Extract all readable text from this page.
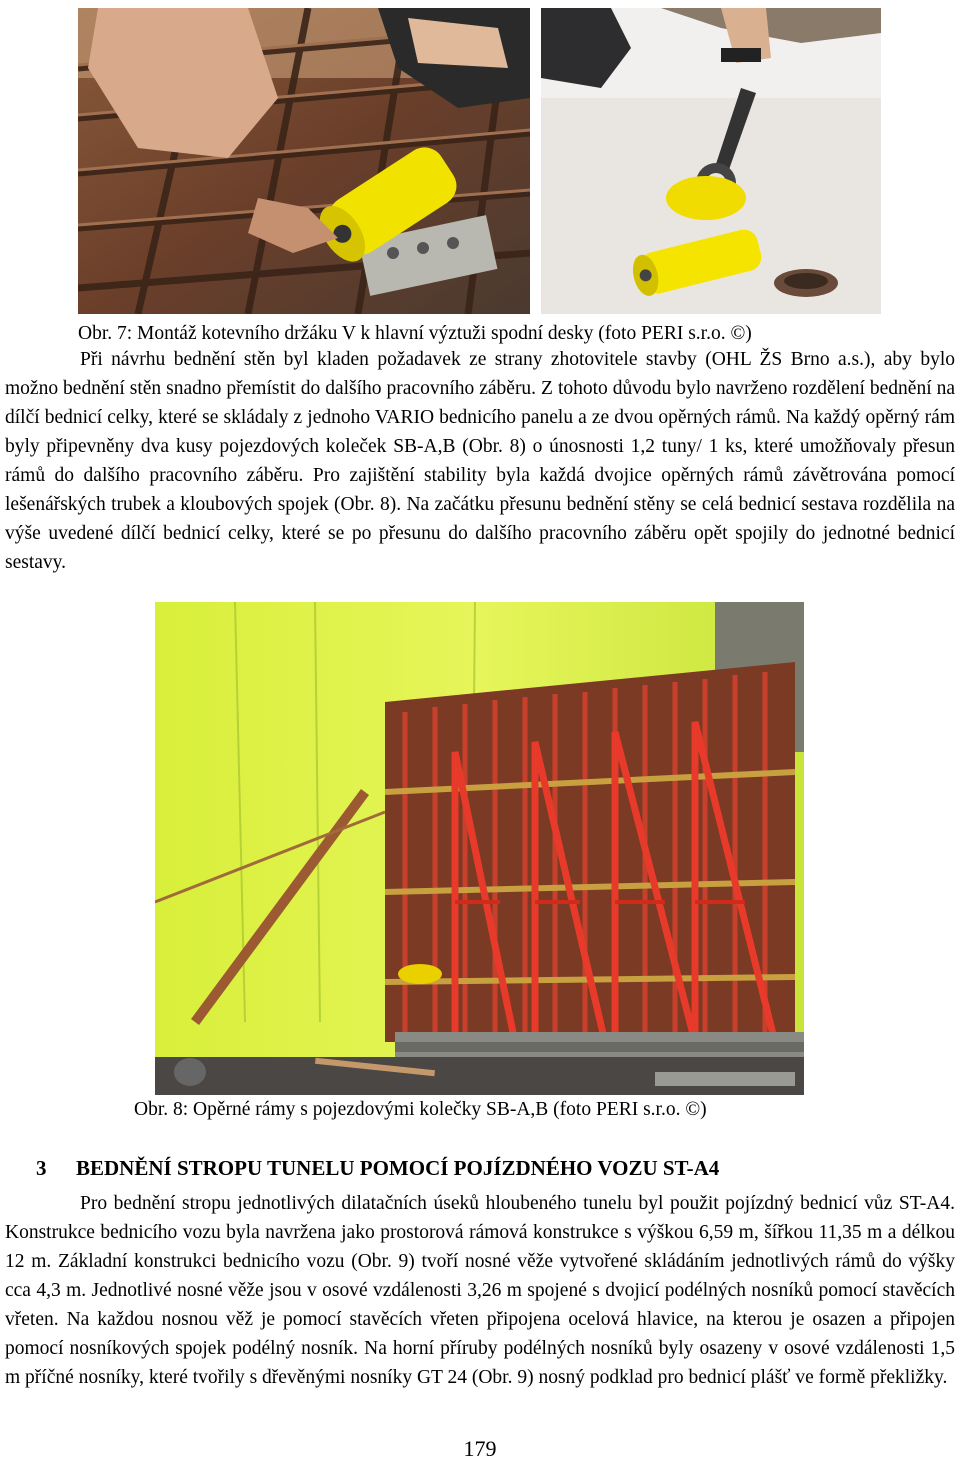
Obr. 7: Montáž kotevního držáku V k hlavní výztuži spodní desky (foto PERI s.r.o. ©)

Při návrhu bednění stěn byl kladen požadavek ze strany zhotovitele stavby (OHL ŽS Brno a.s.), aby bylo možno bednění stěn snadno přemístit do dalšího pracovního záběru. Z tohoto důvodu bylo navrženo rozdělení bednění na dílčí bednicí celky, které se skládaly z jednoho VARIO bednicího panelu a ze dvou opěrných rámů. Na každý opěrný rám byly připevněny dva kusy pojezdových koleček SB-A,B (Obr. 8) o únosnosti 1,2 tuny/ 1 ks, které umožňovaly přesun rámů do dalšího pracovního záběru. Pro zajištění stability byla každá dvojice opěrných rámů závětrována pomocí lešenářských trubek a kloubových spojek (Obr. 8). Na začátku přesunu bednění stěny se celá bednicí sestava rozdělila na výše uvedené dílčí bednicí celky, které se po přesunu do dalšího pracovního záběru opět spojily do jednotné bednicí sestavy.

Obr. 8: Opěrné rámy s pojezdovými kolečky SB-A,B (foto PERI s.r.o. ©)
3 BEDNĚNÍ STROPU TUNELU POMOCÍ POJÍZDNÉHO VOZU ST-A4

Pro bednění stropu jednotlivých dilatačních úseků hloubeného tunelu byl použit pojízdný bednicí vůz ST-A4. Konstrukce bednicího vozu byla navržena jako prostorová rámová konstrukce s výškou 6,59 m, šířkou 11,35 m a délkou 12 m. Základní konstrukci bednicího vozu (Obr. 9) tvoří nosné věže vytvořené skládáním jednotlivých rámů do výšky cca 4,3 m. Jednotlivé nosné věže jsou v osové vzdálenosti 3,26 m spojené s dvojicí podélných nosníků pomocí stavěcích vřeten. Na každou nosnou věž je pomocí stavěcích vřeten připojena ocelová hlavice, na kterou je osazen a připojen pomocí nosníkových spojek podélný nosník. Na horní příruby podélných nosníků byly osazeny v osové vzdálenosti 1,5 m příčné nosníky, které tvořily s dřevěnými nosníky GT 24 (Obr. 9) nosný podklad pro bednicí plášť ve formě překližky.

179
